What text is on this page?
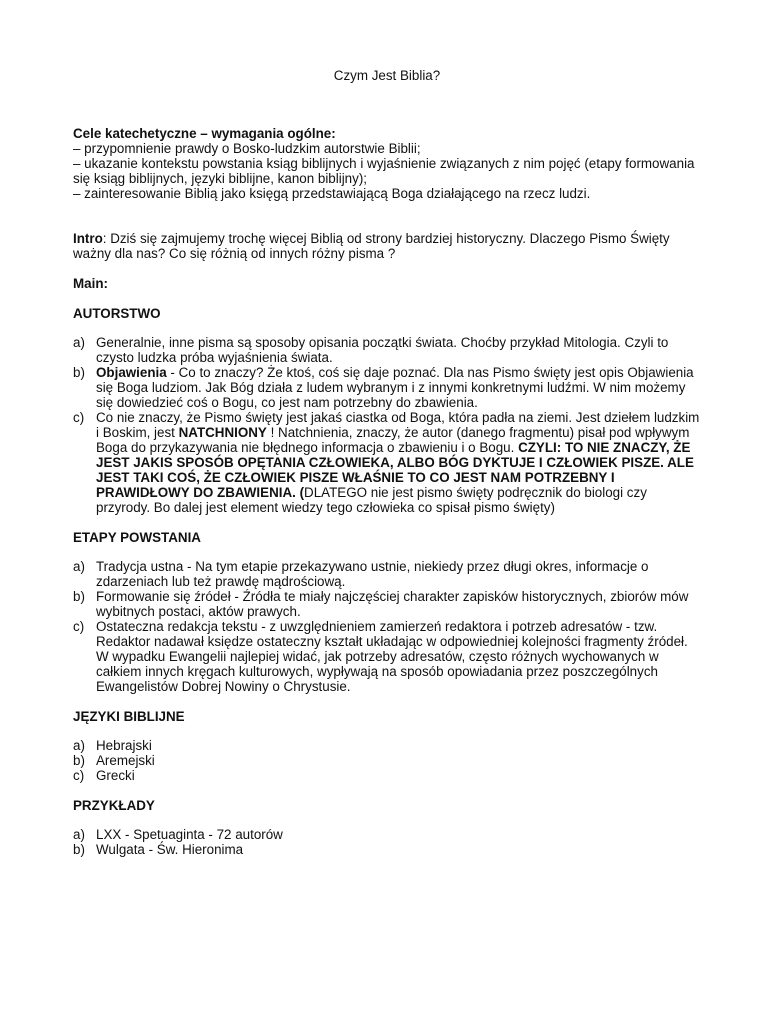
Czym Jest Biblia?

Cele katechetyczne – wymagania ogólne:

– przypomnienie prawdy o Bosko-ludzkim autorstwie Biblii;

– ukazanie kontekstu powstania ksiąg biblijnych i wyjaśnienie związanych z nim pojęć (etapy formowania się ksiąg biblijnych, języki biblijne, kanon biblijny);

– zainteresowanie Biblią jako księgą przedstawiającą Boga działającego na rzecz ludzi.

Intro: Dziś się zajmujemy trochę więcej Biblią od strony bardziej historyczny. Dlaczego Pismo Święty ważny dla nas? Co się różnią od innych różny pisma ?

Main:

AUTORSTWO

a) Generalnie, inne pisma są sposoby opisania początki świata. Choćby przykład Mitologia. Czyli to czysto ludzka próba wyjaśnienia świata.
b) Objawienia - Co to znaczy? Że ktoś, coś się daje poznać. Dla nas Pismo święty jest opis Objawienia się Boga ludziom. Jak Bóg działa z ludem wybranym i z innymi konkretnymi ludźmi. W nim możemy się dowiedzieć coś o Bogu, co jest nam potrzebny do zbawienia.
c) Co nie znaczy, że Pismo święty jest jakaś ciastka od Boga, która padła na ziemi. Jest dziełem ludzkim i Boskim, jest NATCHNIONY ! Natchnienia, znaczy, że autor (danego fragmentu) pisał pod wpływym Boga do przykazywania nie błędnego informacja o zbawieniu i o Bogu. CZYLI: TO NIE ZNACZY, ŻE JEST JAKIS SPOSÓB OPĘTANIA CZŁOWIEKA, ALBO BÓG DYKTUJE I CZŁOWIEK PISZE. ALE JEST TAKI COŚ, ŻE CZŁOWIEK PISZE WŁAŚNIE TO CO JEST NAM POTRZEBNY I PRAWIDŁOWY DO ZBAWIENIA. (DLATEGO nie jest pismo święty podręcznik do biologi czy przyrody. Bo dalej jest element wiedzy tego człowieka co spisał pismo święty)

ETAPY POWSTANIA

a) Tradycja ustna - Na tym etapie przekazywano ustnie, niekiedy przez długi okres, informacje o zdarzeniach lub też prawdę mądrościową.
b) Formowanie się źródeł - Źródła te miały najczęściej charakter zapisków historycznych, zbiorów mów wybitnych postaci, aktów prawych.
c) Ostateczna redakcja tekstu - z uwzględnieniem zamierzeń redaktora i potrzeb adresatów - tzw. Redaktor nadawał księdze ostateczny kształt układając w odpowiedniej kolejności fragmenty źródeł. W wypadku Ewangelii najlepiej widać, jak potrzeby adresatów, często różnych wychowanych w całkiem innych kręgach kulturowych, wypływają na sposób opowiadania przez poszczególnych Ewangelistów Dobrej Nowiny o Chrystusie.

JĘZYKI BIBLIJNE

a) Hebrajski
b) Aremejski
c) Grecki

PRZYKŁADY

a) LXX - Spetuaginta - 72 autorów
b) Wulgata - Św. Hieronima
